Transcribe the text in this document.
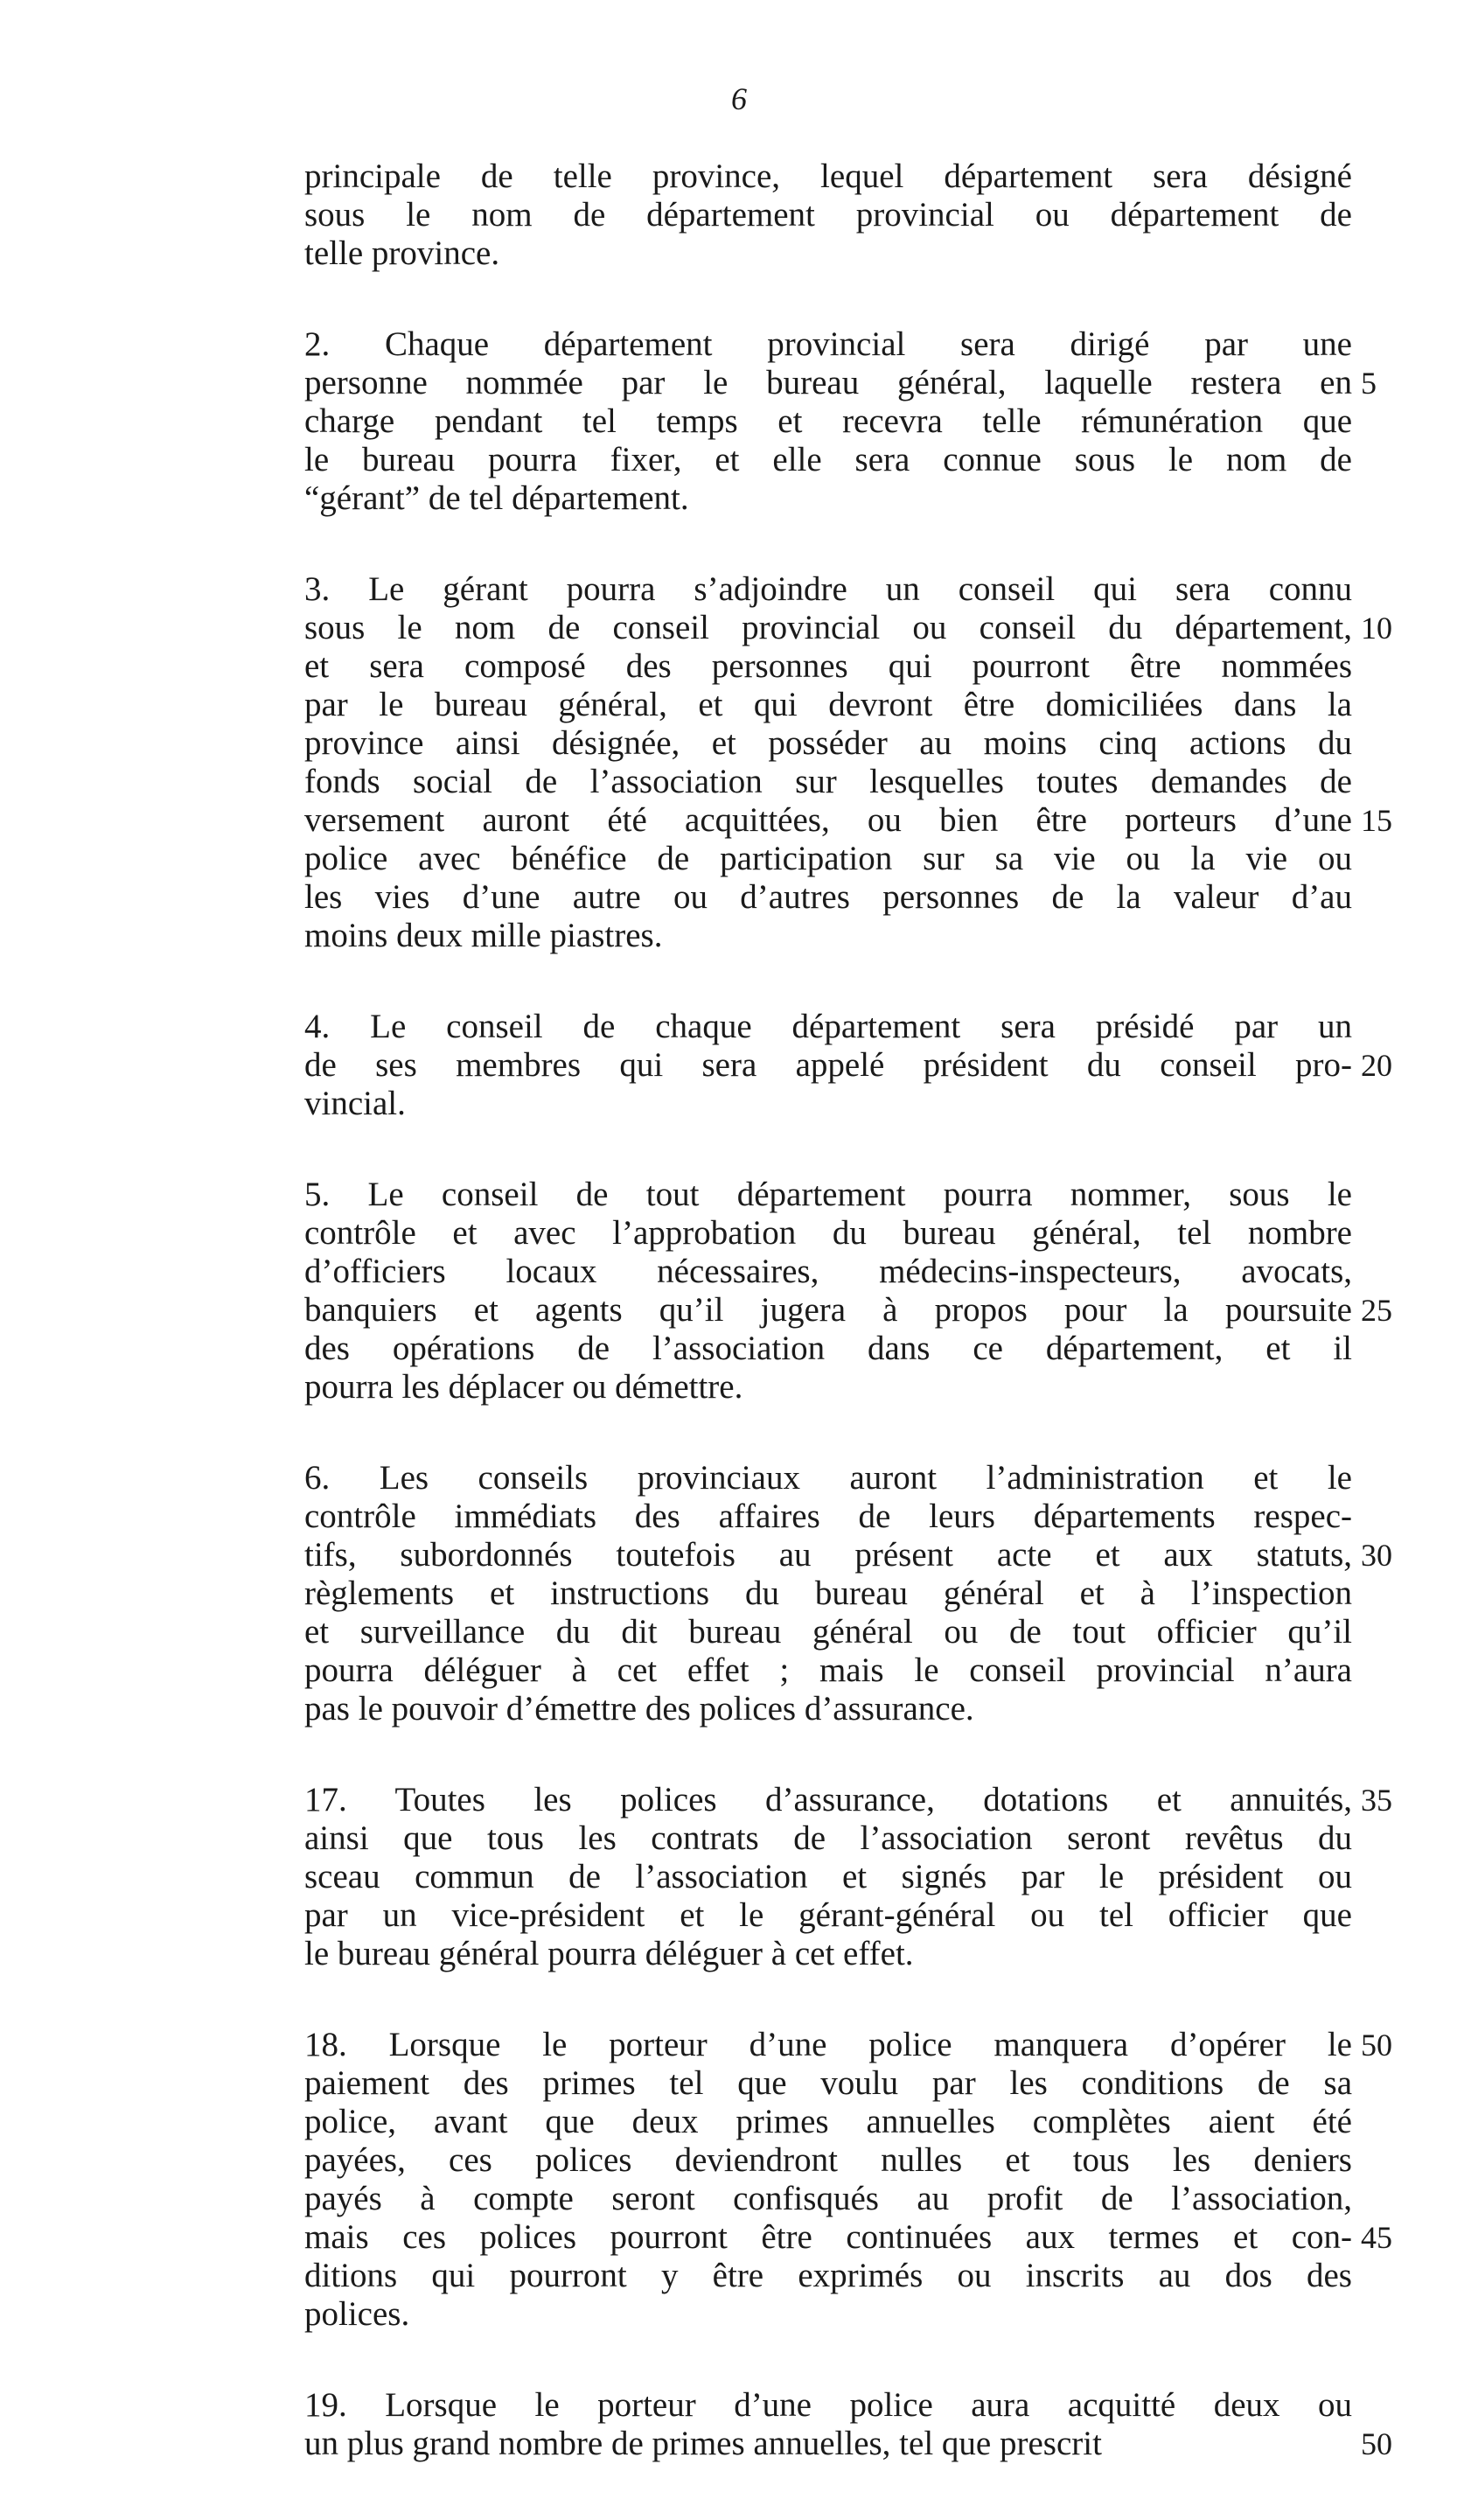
6
principale de telle province, lequel département sera désigné
sous le nom de département provincial ou département de
telle province.
2. Chaque département provincial sera dirigé par une
personne nommée par le bureau général, laquelle restera en 5
charge pendant tel temps et recevra telle rémunération que
le bureau pourra fixer, et elle sera connue sous le nom de
“gérant” de tel département.
3. Le gérant pourra s’adjoindre un conseil qui sera connu
sous le nom de conseil provincial ou conseil du département, 10
et sera composé des personnes qui pourront être nommées
par le bureau général, et qui devront être domiciliées dans la
province ainsi désignée, et posséder au moins cinq actions du
fonds social de l’association sur lesquelles toutes demandes de
versement auront été acquittées, ou bien être porteurs d’une 15
police avec bénéfice de participation sur sa vie ou la vie ou
les vies d’une autre ou d’autres personnes de la valeur d’au
moins deux mille piastres.
4. Le conseil de chaque département sera présidé par un
de ses membres qui sera appelé président du conseil pro- 20
vincial.
5. Le conseil de tout département pourra nommer, sous le
contrôle et avec l’approbation du bureau général, tel nombre
d’officiers locaux nécessaires, médecins-inspecteurs, avocats,
banquiers et agents qu’il jugera à propos pour la poursuite 25
des opérations de l’association dans ce département, et il
pourra les déplacer ou démettre.
6. Les conseils provinciaux auront l’administration et le
contrôle immédiats des affaires de leurs départements respec-
tifs, subordonnés toutefois au présent acte et aux statuts, 30
règlements et instructions du bureau général et à l’inspection
et surveillance du dit bureau général ou de tout officier qu’il
pourra déléguer à cet effet ; mais le conseil provincial n’aura
pas le pouvoir d’émettre des polices d’assurance.
17. Toutes les polices d’assurance, dotations et annuités, 35
ainsi que tous les contrats de l’association seront revêtus du
sceau commun de l’association et signés par le président ou
par un vice-président et le gérant-général ou tel officier que
le bureau général pourra déléguer à cet effet.
18. Lorsque le porteur d’une police manquera d’opérer le 50
paiement des primes tel que voulu par les conditions de sa
police, avant que deux primes annuelles complètes aient été
payées, ces polices deviendront nulles et tous les deniers
payés à compte seront confisqués au profit de l’association,
mais ces polices pourront être continuées aux termes et con- 45
ditions qui pourront y être exprimés ou inscrits au dos des
polices.
19. Lorsque le porteur d’une police aura acquitté deux ou
un plus grand nombre de primes annuelles, tel que prescrit	50
